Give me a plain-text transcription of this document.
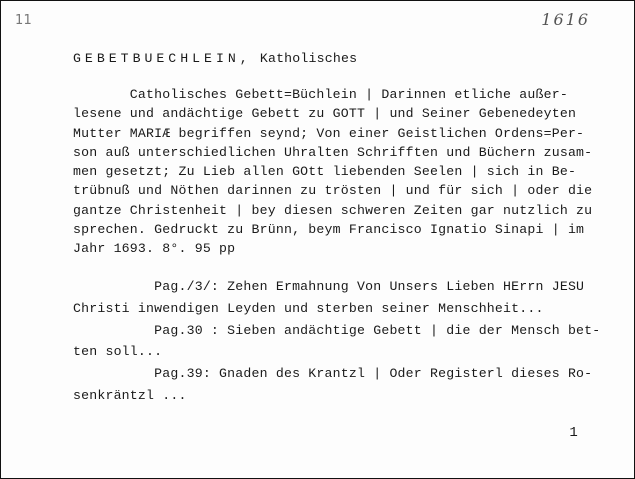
11	1616
GEBETBUECHLEIN, Katholisches
Catholisches Gebett=Büchlein | Darinnen etliche außer-
lesene und andächtige Gebett zu GOTT | und Seiner Gebenedeyten
Mutter MARIÆ begriffen seynd; Von einer Geistlichen Ordens=Per-
son auß unterschiedlichen Uhralten Schrifften und Büchern zusam-
men gesetzt; Zu Lieb allen GOtt liebenden Seelen | sich in Be-
trübnuß und Nöthen darinnen zu trösten | und für sich | oder die
gantze Christenheit | bey diesen schweren Zeiten gar nutzlich zu
sprechen. Gedruckt zu Brünn, beym Francisco Ignatio Sinapi | im
Jahr 1693. 8°. 95 pp
Pag./3/: Zehen Ermahnung Von Unsers Lieben HErrn JESU
Christi inwendigen Leyden und sterben seiner Menschheit...
Pag.30 : Sieben andächtige Gebett | die der Mensch bet-
ten soll...
Pag.39: Gnaden des Krantzl | Oder Registerl dieses Ro-
senkräntzl ...
1
